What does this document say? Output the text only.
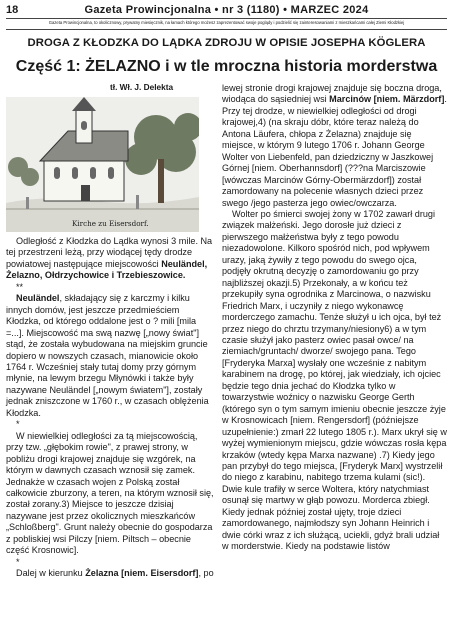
18	Gazeta Prowincjonalna • nr 3 (1180) • MARZEC 2024
Gazeta Prowincjonalna, to okolicznowy, prywatny miesięcznik, na łamach którego możesz zaprezentować swoje poglądy i podzielić się zainteresowaniami z mieszkańcami całej Ziemi Kłodzkiej
DROGA Z KŁODZKA DO LĄDKA ZDROJU W OPISIE JOSEPHA KÖGLERA
Część 1: ŻELAZNO i w tle mroczna historia morderstwa
tł. Wł. J. Delekta
Kirche zu Eisersdorf.

Odległość z Kłodzka do Lądka wynosi 3 mile. Na tej przestrzeni leżą, przy wiodącej tędy drodze powiatowej następujące miejscowości Neuländel, Żelazno, Ołdrzychowice i Trzebieszowice.

**

Neuländel, składający się z karczmy i kilku innych domów, jest jeszcze przedmieściem Kłodzka, od którego oddalone jest o ? mili [mila =...]. Miejscowość ma swą nazwę [„nowy świat"] stąd, że została wybudowana na miejskim gruncie dopiero w nowszych czasach, mianowicie około 1764 r. Wcześniej stały tutaj domy przy górnym młynie, na lewym brzegu Młynówki i także były nazywane Neuländel [„nowym światem"], zostały jednak zniszczone w 1760 r., w czasach oblężenia Kłodzka.

*

W niewielkiej odległości za tą miejscowością, przy tzw. „głębokim rowie", z prawej strony, w pobliżu drogi krajowej znajduje się wzgórek, na którym w dawnych czasach wznosił się zamek. Jednakże w czasach wojen z Polską został całkowicie zburzony, a teren, na którym wznosił się, został zorany.3) Miejsce to jeszcze dzisiaj nazywane jest przez okolicznych mieszkańców „Schloßberg". Grunt należy obecnie do gospodarza z pobliskiej wsi Pilczy [niem. Piltsch – obecnie część Krosnowic].

*

Dalej w kierunku Żelazna [niem. Eisersdorf], po

lewej stronie drogi krajowej znajduje się boczna droga, wiodąca do sąsiedniej wsi Marcinów [niem. Märzdorf]. Przy tej drodze, w niewielkiej odległości od drogi krajowej,4) (na skraju dóbr, które teraz należą do Antona Läufera, chłopa z Żelazna) znajduje się miejsce, w którym 9 lutego 1706 r. Johann George Wolter von Liebenfeld, pan dziedziczny w Jaszkowej Górnej [niem. Oberhannsdorf] (???na Marciszowie [wówczas Marcinów Górny-Obermärzdorf]) został zamordowany na polecenie własnych dzieci przez swego /jego pasterza jego owiec/owczarza.

Wolter po śmierci swojej żony w 1702 zawarł drugi związek małżeński. Jego dorosłe już dzieci z pierwszego małżeństwa były z tego powodu niezadowolone. Kilkoro spośród nich, pod wpływem urazy, jaką żywiły z tego powodu do swego ojca, podjęły okrutną decyzję o zamordowaniu go przy najbliższej okazji.5) Przekonały, a w końcu też przekupiły syna ogrodnika z Marcinowa, o nazwisku Friedrich Marx, i uczyniły z niego wykonawcę morderczego zamachu. Tenże służył u ich ojca, był też przez niego do chrztu trzymany/niesiony6) a w tym czasie służył jako pasterz owiec pasał owce/ na ziemiach/gruntach/ dworze/ swojego pana. Tego [Fryderyka Marxa] wysłały one wcześnie z nabitym karabinem na drogę, po której, jak wiedziały, ich ojciec będzie tego dnia jechać do Kłodzka tylko w towarzystwie woźnicy o nazwisku George Gerth (którego syn o tym samym imieniu obecnie jeszcze żyje w Krosnowicach [niem. Rengersdorf] (późniejsze uzupełnienie:) zmarł 22 lutego 1805 r.). Marx ukrył się w wyżej wymienionym miejscu, gdzie wówczas rosła kępa krzaków (wtedy kępa Marxa nazwane) .7) Kiedy jego pan przybył do tego miejsca, [Fryderyk Marx] wystrzelił do niego z karabinu, nabitego trzema kulami (sic!). Dwie kule trafiły w serce Woltera, który natychmiast osunął się martwy w głąb powozu. Morderca zbiegł. Kiedy jednak później został ujęty, troje dzieci zamordowanego, najmłodszy syn Johann Heinrich i dwie córki wraz z ich służącą, uciekli, gdyż brali udział w morderstwie. Kiedy na podstawie listów
